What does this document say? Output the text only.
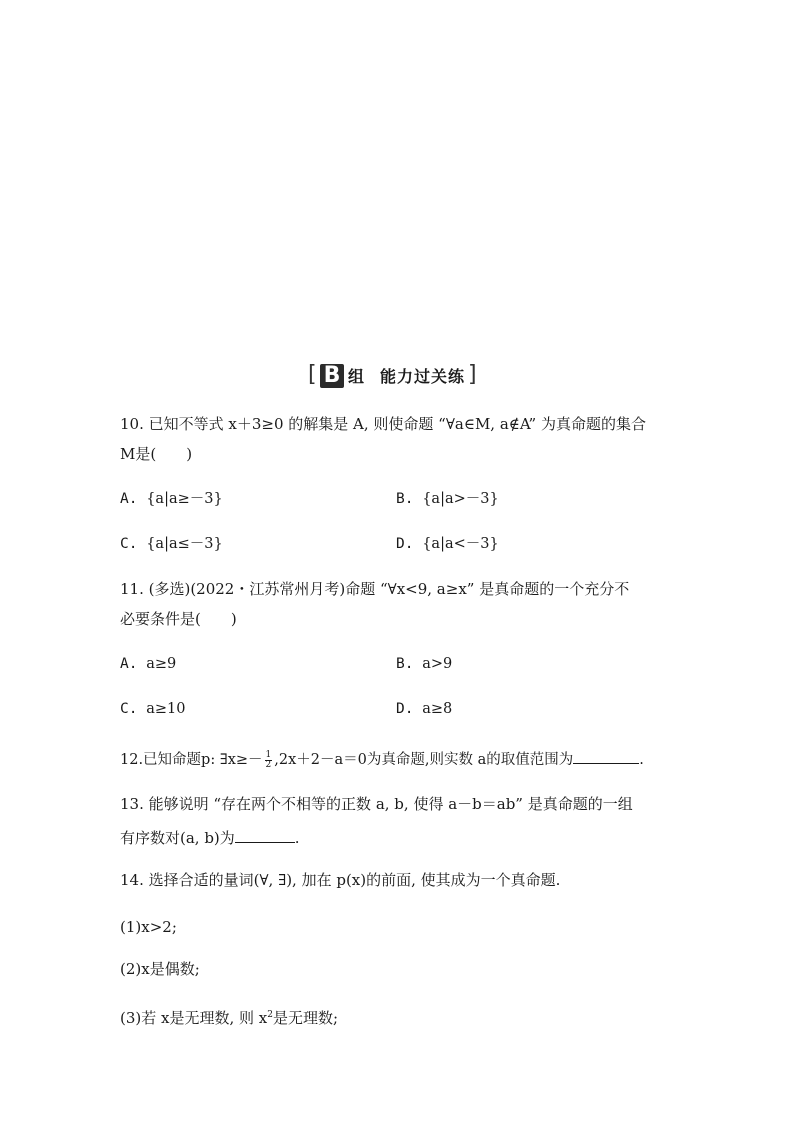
[ B 组 能力过关练 ]
10. 已知不等式 x＋3≥0 的解集是 A, 则使命题 “∀a∈M, a∉A” 为真命题的集合
M是(　　)
A. {a|a≥－3}	B. {a|a>－3}
C. {a|a≤－3}	D. {a|a<－3}
11. (多选)(2022・江苏常州月考)命题 “∀x<9, a≥x” 是真命题的一个充分不
必要条件是(　　)
A. a≥9	B. a>9
C. a≥10	D. a≥8
12.已知命题p: ∃x≥－ $\frac{1}{2} ,2x+2-a=0$为真命题,则实数 a的取值范围为	.
13. 能够说明 “存在两个不相等的正数 a, b, 使得 a－b＝ab” 是真命题的一组
有序数对(a, b)为	.
14. 选择合适的量词(∀, ∃), 加在 p(x)的前面, 使其成为一个真命题.
(1)x>2;
(2)x是偶数;
(3)若 x是无理数, 则 $x^2$是无理数;
